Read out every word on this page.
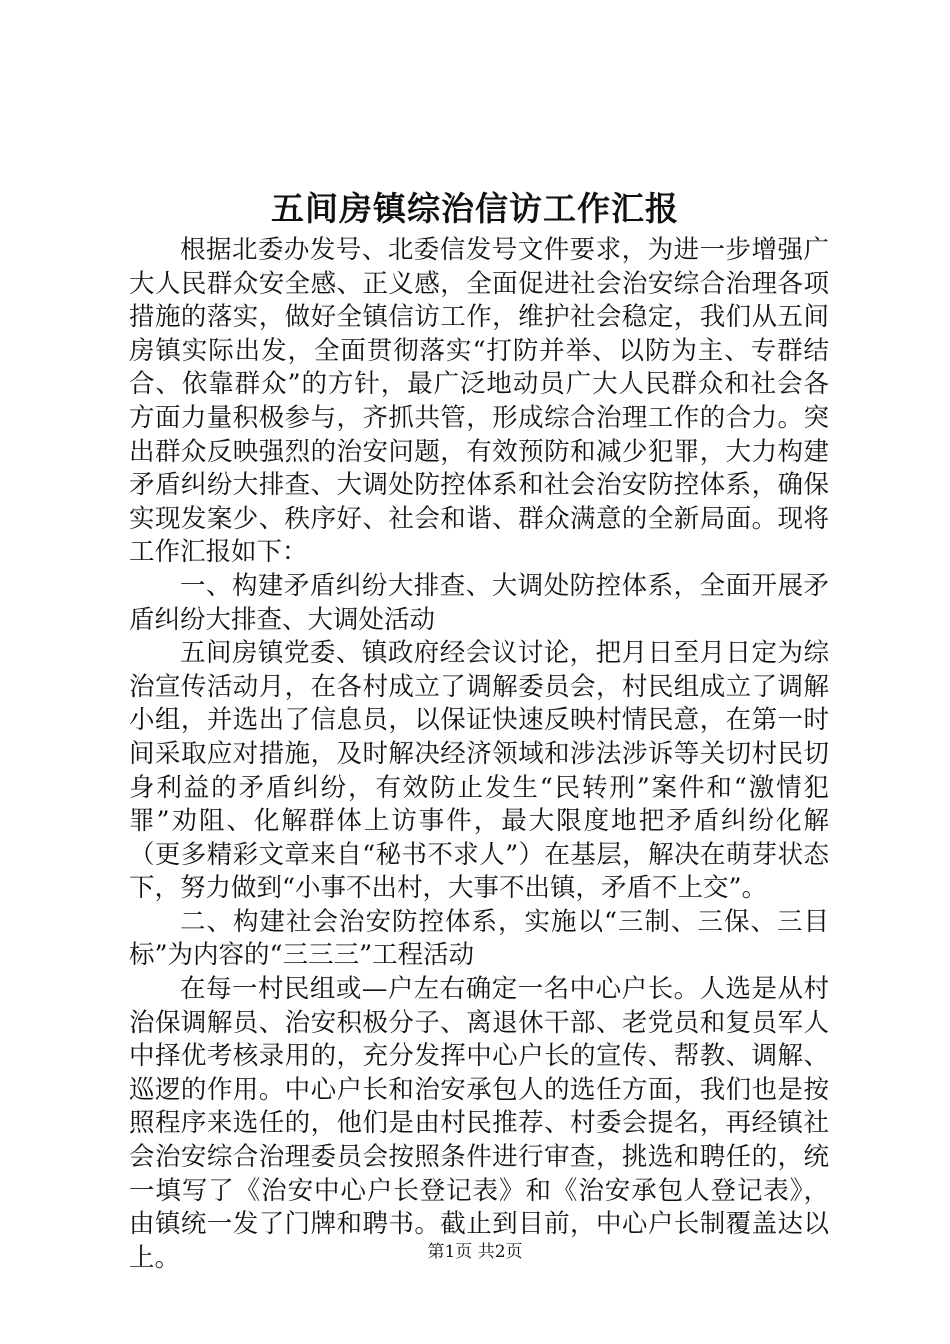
五间房镇综治信访工作汇报

根据北委办发号、北委信发号文件要求，为进一步增强广大人民群众安全感、正义感，全面促进社会治安综合治理各项措施的落实，做好全镇信访工作，维护社会稳定，我们从五间房镇实际出发，全面贯彻落实“打防并举、以防为主、专群结合、依靠群众”的方针，最广泛地动员广大人民群众和社会各方面力量积极参与，齐抓共管，形成综合治理工作的合力。突出群众反映强烈的治安问题，有效预防和减少犯罪，大力构建矛盾纠纷大排查、大调处防控体系和社会治安防控体系，确保实现发案少、秩序好、社会和谐、群众满意的全新局面。现将工作汇报如下：

一、构建矛盾纠纷大排查、大调处防控体系，全面开展矛盾纠纷大排查、大调处活动

五间房镇党委、镇政府经会议讨论，把月日至月日定为综治宣传活动月，在各村成立了调解委员会，村民组成立了调解小组，并选出了信息员，以保证快速反映村情民意，在第一时间采取应对措施，及时解决经济领域和涉法涉诉等关切村民切身利益的矛盾纠纷，有效防止发生“民转刑”案件和“激情犯罪”劝阻、化解群体上访事件，最大限度地把矛盾纠纷化解（更多精彩文章来自“秘书不求人”）在基层，解决在萌芽状态下，努力做到“小事不出村，大事不出镇，矛盾不上交”。

二、构建社会治安防控体系，实施以“三制、三保、三目标”为内容的“三三三”工程活动

在每一村民组或—户左右确定一名中心户长。人选是从村治保调解员、治安积极分子、离退休干部、老党员和复员军人中择优考核录用的，充分发挥中心户长的宣传、帮教、调解、巡逻的作用。中心户长和治安承包人的选任方面，我们也是按照程序来选任的，他们是由村民推荐、村委会提名，再经镇社会治安综合治理委员会按照条件进行审查，挑选和聘任的，统一填写了《治安中心户长登记表》和《治安承包人登记表》，由镇统一发了门牌和聘书。截止到目前，中心户长制覆盖达以上。	第1页 共2页
